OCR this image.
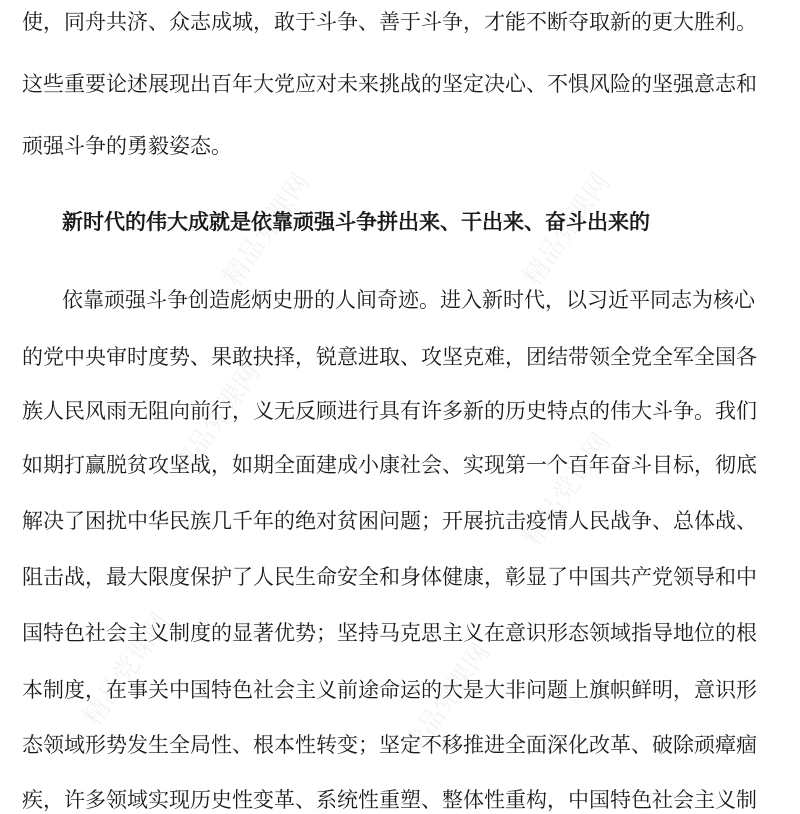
精品党课网	精品党课网
精品党课网
精品党课网
精品党课网	精品党课网
使，同舟共济、众志成城，敢于斗争、善于斗争，才能不断夺取新的更大胜利。
这些重要论述展现出百年大党应对未来挑战的坚定决心、不惧风险的坚强意志和
顽强斗争的勇毅姿态。
新时代的伟大成就是依靠顽强斗争拼出来、干出来、奋斗出来的
依靠顽强斗争创造彪炳史册的人间奇迹。进入新时代，以习近平同志为核心
的党中央审时度势、果敢抉择，锐意进取、攻坚克难，团结带领全党全军全国各
族人民风雨无阻向前行，义无反顾进行具有许多新的历史特点的伟大斗争。我们
如期打赢脱贫攻坚战，如期全面建成小康社会、实现第一个百年奋斗目标，彻底
解决了困扰中华民族几千年的绝对贫困问题；开展抗击疫情人民战争、总体战、
阻击战，最大限度保护了人民生命安全和身体健康，彰显了中国共产党领导和中
国特色社会主义制度的显著优势；坚持马克思主义在意识形态领域指导地位的根
本制度，在事关中国特色社会主义前途命运的大是大非问题上旗帜鲜明，意识形
态领域形势发生全局性、根本性转变；坚定不移推进全面深化改革、破除顽瘴痼
疾，许多领域实现历史性变革、系统性重塑、整体性重构，中国特色社会主义制
